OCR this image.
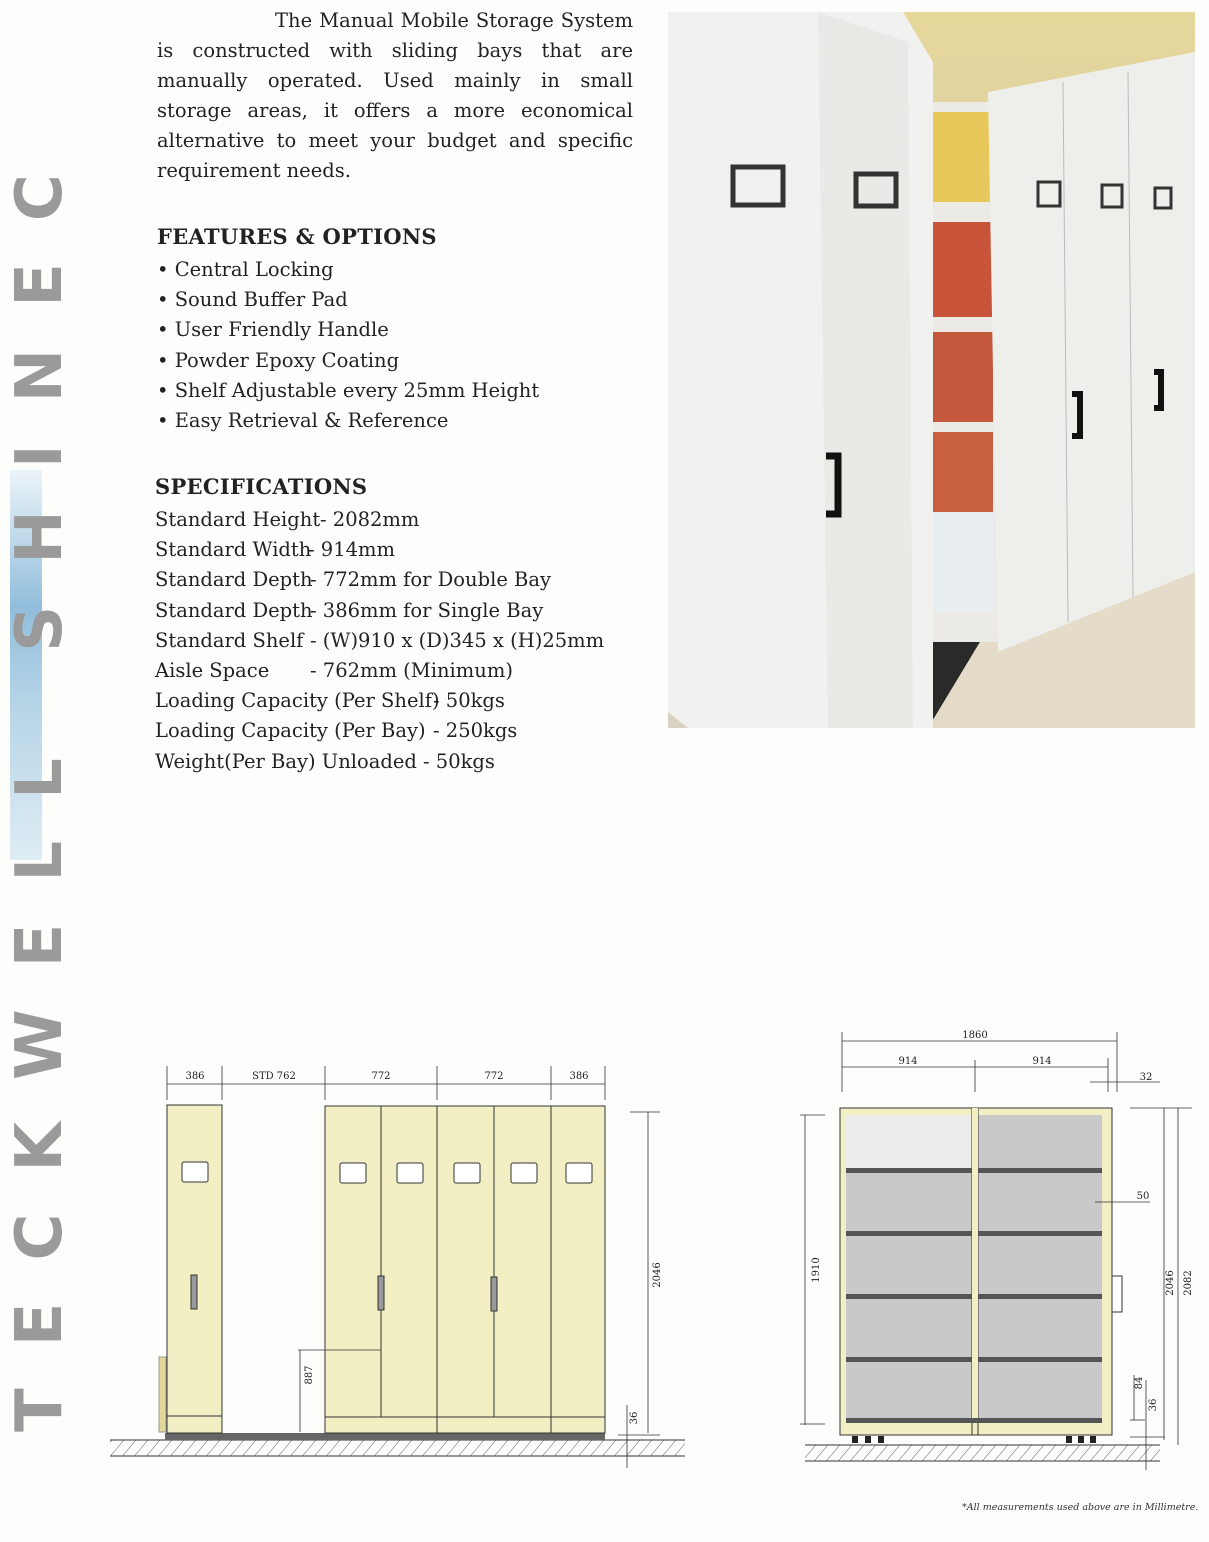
TECKWELL SHINEC
The Manual Mobile Storage System is constructed with sliding bays that are manually operated. Used mainly in small storage areas, it offers a more economical alternative to meet your budget and specific requirement needs.
FEATURES & OPTIONS
• Central Locking
• Sound Buffer Pad
• User Friendly Handle
• Powder Epoxy Coating
• Shelf Adjustable every 25mm Height
• Easy Retrieval & Reference
SPECIFICATIONS
Standard Height - 2082mm
Standard Width
- 914mm
Standard Depth
- 772mm for Double Bay
Standard Depth
- 386mm for Single Bay
Standard Shelf - (W)910 x (D)345 x (H)25mm
Aisle Space	- 762mm (Minimum)
Loading Capacity (Per Shelf)
- 50kgs
Loading Capacity (Per Bay) - 250kgs
Weight(Per Bay) Unloaded - 50kgs
386	STD 762	772	772	386
2046
887
36
1860
914	914
32
50
1910
2046 2082
84
36
*All measurements used above are in Millimetre.
